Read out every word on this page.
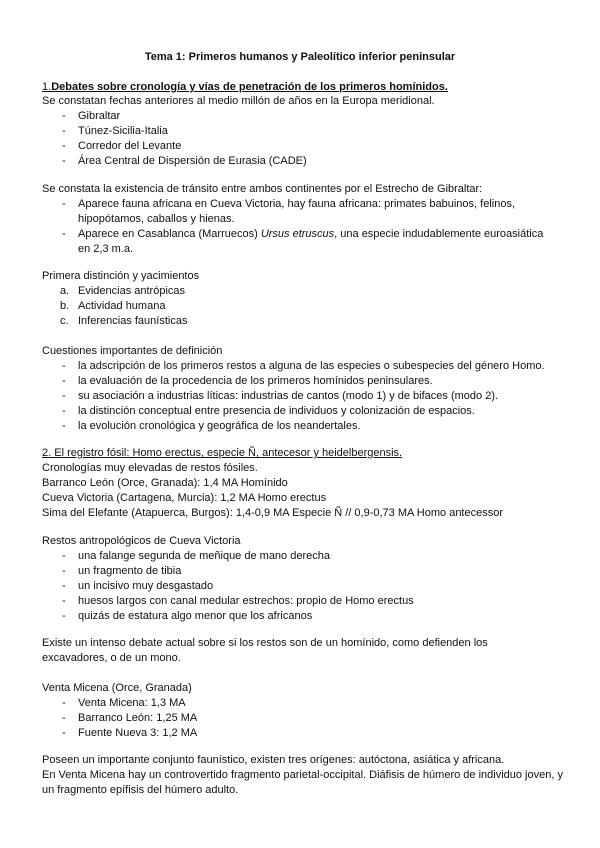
Tema 1: Primeros humanos y Paleolítico inferior peninsular
1.Debates sobre cronología y vías de penetración de los primeros homínidos.
Se constatan fechas anteriores al medio millón de años en la Europa meridional.
- Gibraltar
- Túnez-Sicilia-Italia
- Corredor del Levante
- Área Central de Dispersión de Eurasia (CADE)
Se constata la existencia de tránsito entre ambos continentes por el Estrecho de Gibraltar:
- Aparece fauna africana en Cueva Victoria, hay fauna africana: primates babuinos, felinos, hipopótamos, caballos y hienas.
- Aparece en Casablanca (Marruecos) Ursus etruscus, una especie indudablemente euroasiática en 2,3 m.a.
Primera distinción y yacimientos
a. Evidencias antrópicas
b. Actividad humana
c. Inferencias faunísticas
Cuestiones importantes de definición
- la adscripción de los primeros restos a alguna de las especies o subespecies del género Homo.
- la evaluación de la procedencia de los primeros homínidos peninsulares.
- su asociación a industrias líticas: industrias de cantos (modo 1) y de bifaces (modo 2).
- la distinción conceptual entre presencia de individuos y colonización de espacios.
- la evolución cronológica y geográfica de los neandertales.
2. El registro fósil: Homo erectus, especie Ñ, antecesor y heidelbergensis.
Cronologías muy elevadas de restos fósiles.
Barranco León (Orce, Granada): 1,4 MA Homínido
Cueva Victoria (Cartagena, Murcia): 1,2 MA Homo erectus
Sima del Elefante (Atapuerca, Burgos): 1,4-0,9 MA Especie Ñ // 0,9-0,73 MA Homo antecessor
Restos antropológicos de Cueva Victoria
- una falange segunda de meñique de mano derecha
- un fragmento de tibia
- un incisivo muy desgastado
- huesos largos con canal medular estrechos: propio de Homo erectus
- quizás de estatura algo menor que los africanos
Existe un intenso debate actual sobre si los restos son de un homínido, como defienden los excavadores, o de un mono.
Venta Micena (Orce, Granada)
- Venta Micena: 1,3 MA
- Barranco León: 1,25 MA
- Fuente Nueva 3: 1,2 MA
Poseen un importante conjunto faunístico, existen tres orígenes: autóctona, asiática y africana.
En Venta Micena hay un controvertido fragmento parietal-occipital. Diáfisis de húmero de individuo joven, y un fragmento epífisis del húmero adulto.
